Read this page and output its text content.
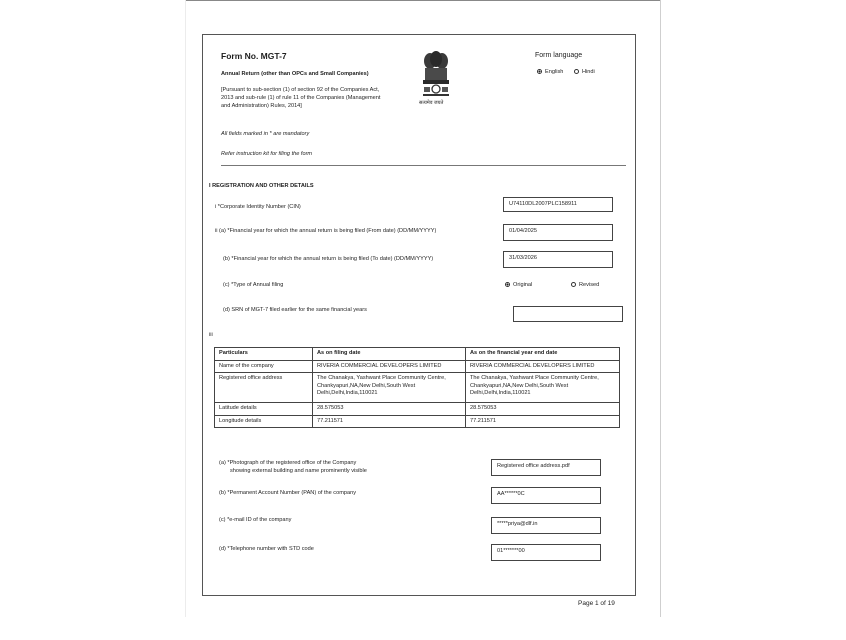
Form No. MGT-7
Annual Return (other than OPCs and Small Companies)
[Pursuant to sub-section (1) of section 92 of the Companies Act, 2013 and sub-rule (1) of rule 11 of the Companies (Management and Administration) Rules, 2014]
All fields marked in * are mandatory
Refer instruction kit for filing the form
सत्यमेव जयते
Form language
English	Hindi
I REGISTRATION AND OTHER DETAILS
i *Corporate Identity Number (CIN)	U74110DL2007PLC158911
ii (a) *Financial year for which the annual return is being filed (From date) (DD/MM/YYYY)	01/04/2025
(b) *Financial year for which the annual return is being filed (To date) (DD/MM/YYYY)	31/03/2026
(c) *Type of Annual filing	Original	Revised
(d) SRN of MGT-7 filed earlier for the same financial years
iii
Particulars	As on filing date	As on the financial year end date
Name of the company	RIVERIA COMMERCIAL DEVELOPERS LIMITED	RIVERIA COMMERCIAL DEVELOPERS LIMITED
Registered office address	The Chanakya, Yashwant Place Community Centre, Chankyapuri,NA,New Delhi,South West Delhi,Delhi,India,110021	The Chanakya, Yashwant Place Community Centre, Chankyapuri,NA,New Delhi,South West Delhi,Delhi,India,110021
Latitude details	28.575053	28.575053
Longitude details	77.211571	77.211571
(a) *Photograph of the registered office of the Company
showing external building and name prominently visible
Registered office address.pdf
(b) *Permanent Account Number (PAN) of the company	AA******0C
(c) *e-mail ID of the company
*****priya@dlf.in
(d) *Telephone number with STD code	01*******00
Page 1 of 19
